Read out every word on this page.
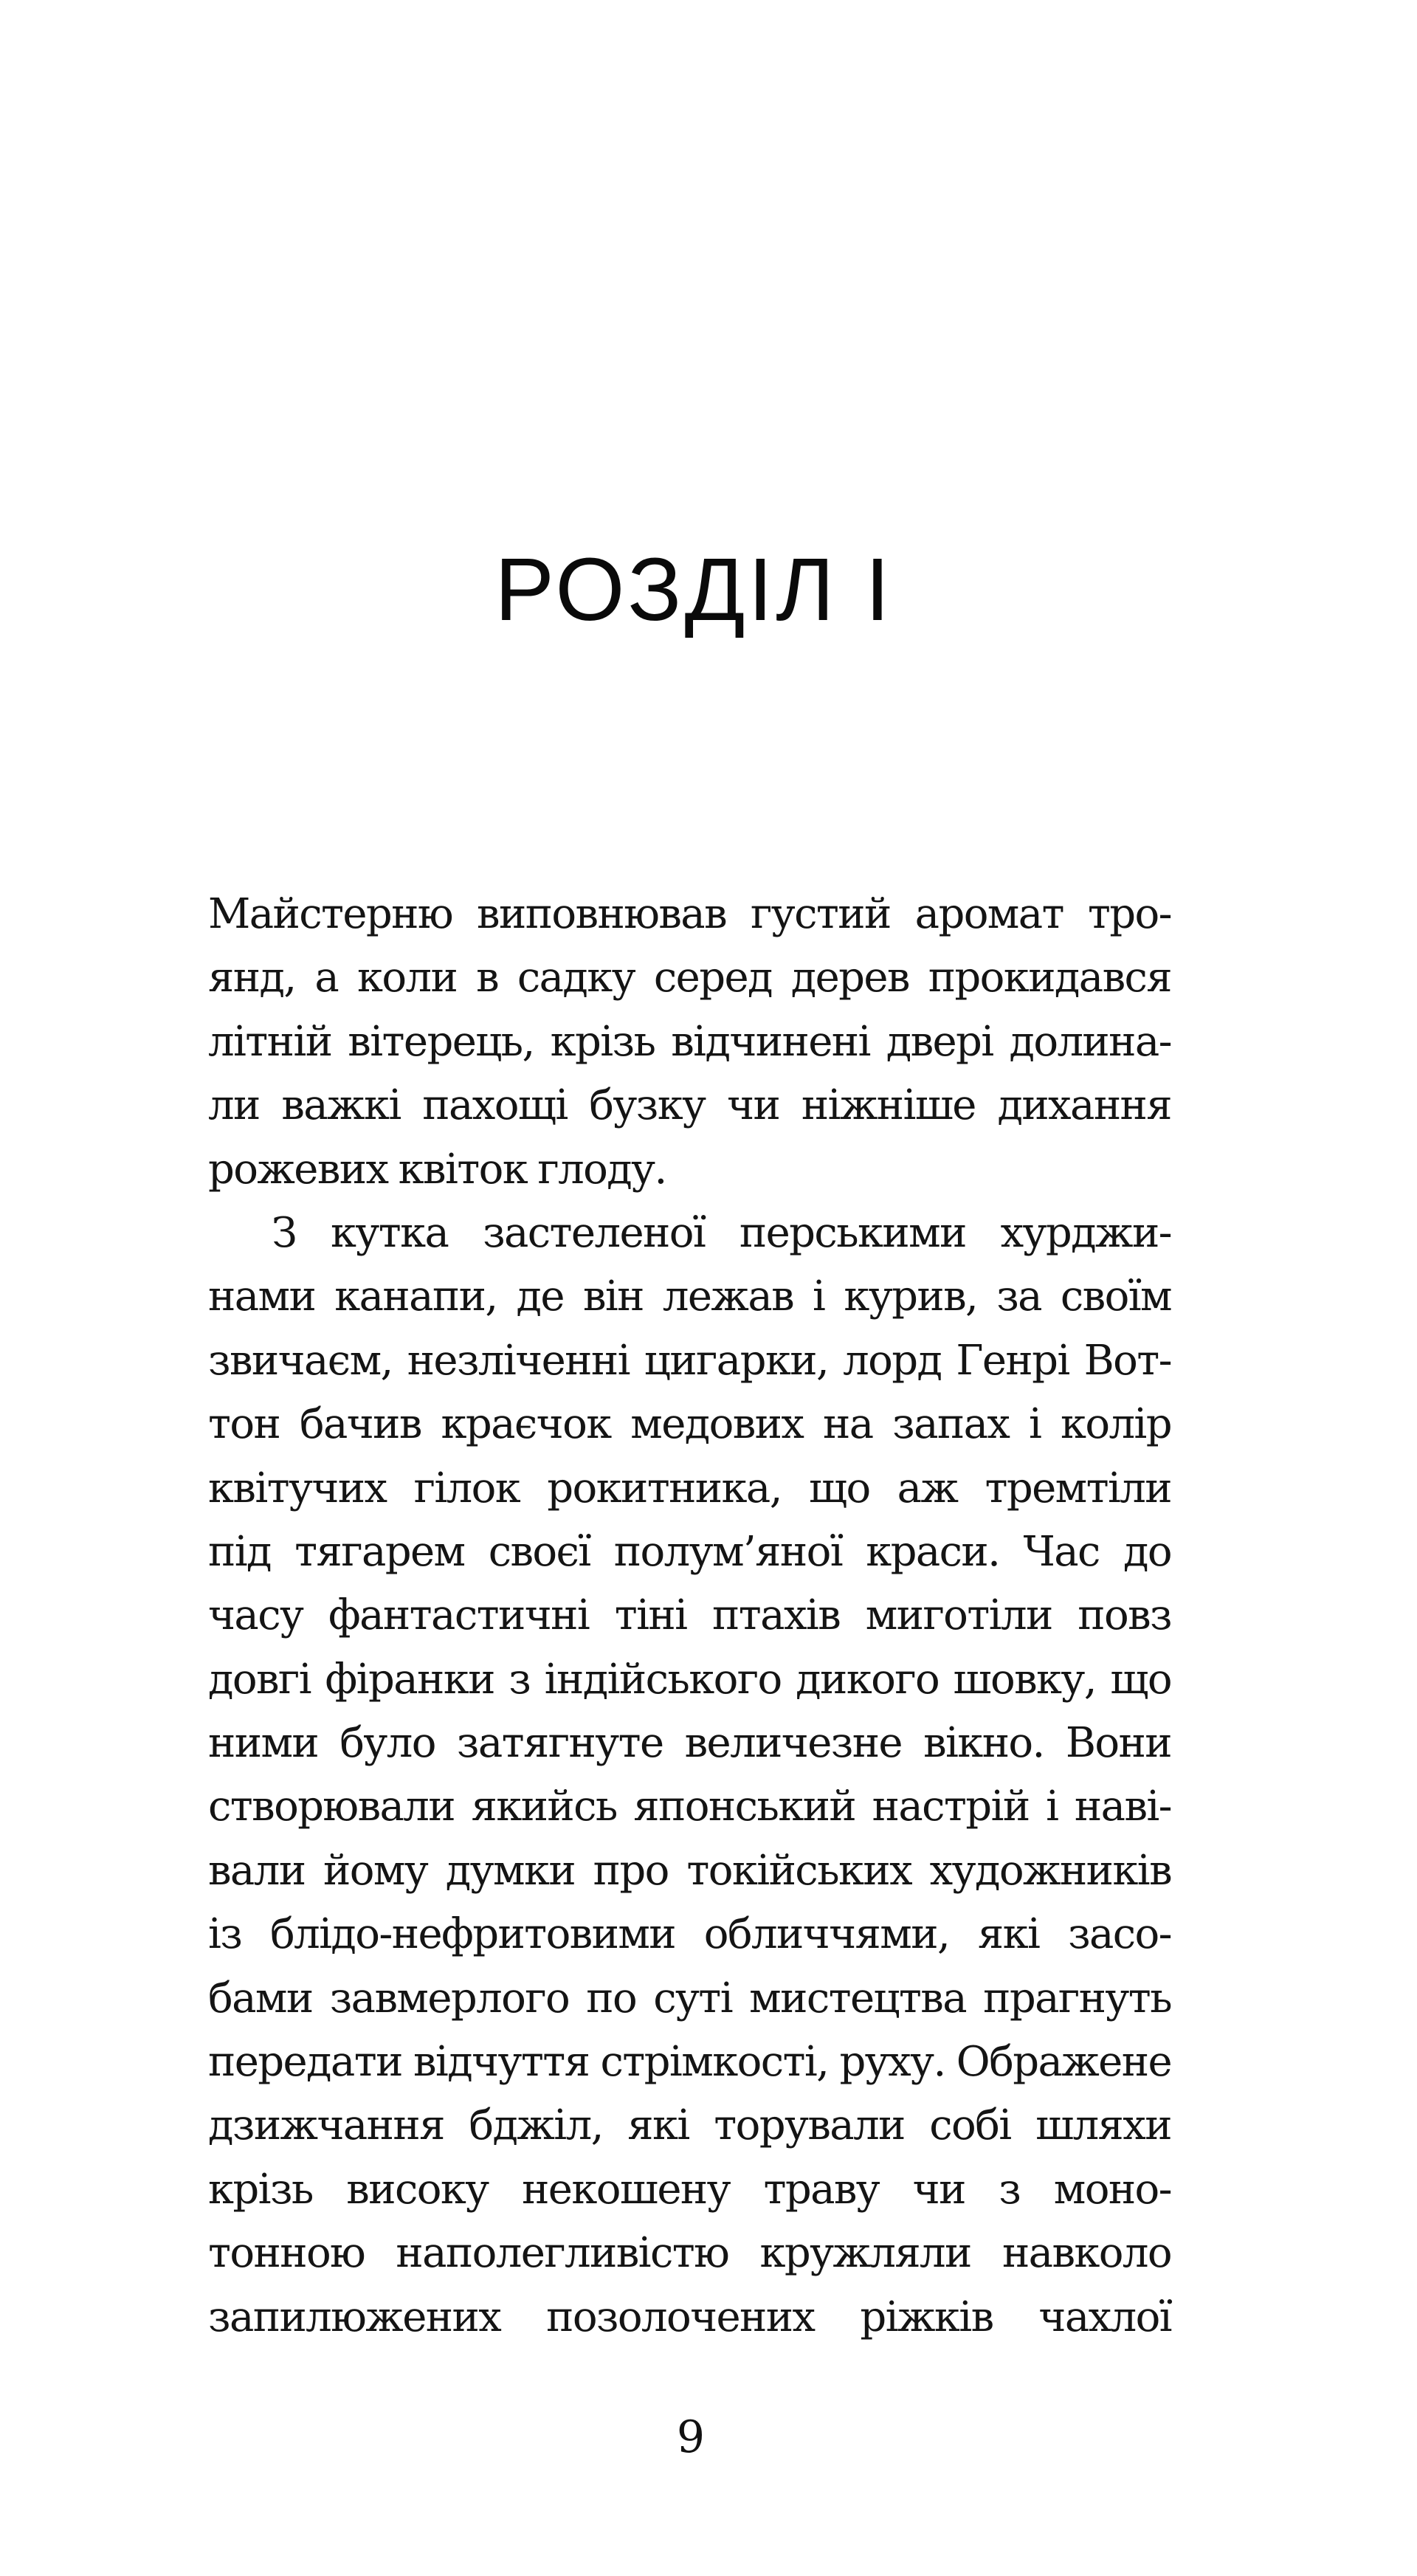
РОЗДІЛ І
Майстерню виповнював густий аромат тро-
янд, а коли в садку серед дерев прокидався
літній вітерець, крізь відчинені двері долина-
ли важкі пахощі бузку чи ніжніше дихання
рожевих квіток глоду.
З кутка застеленої перськими хурджи-
нами канапи, де він лежав і курив, за своїм
звичаєм, незліченні цигарки, лорд Генрі Вот-
тон бачив краєчок медових на запах і колір
квітучих гілок рокитника, що аж тремтіли
під тягарем своєї полум’яної краси. Час до
часу фантастичні тіні птахів миготіли повз
довгі фіранки з індійського дикого шовку, що
ними було затягнуте величезне вікно. Вони
створювали якийсь японський настрій і наві-
вали йому думки про токійських художників
із блідо-нефритовими обличчями, які засо-
бами завмерлого по суті мистецтва прагнуть
передати відчуття стрімкості, руху. Ображене
дзижчання бджіл, які торували собі шляхи
крізь високу некошену траву чи з моно-
тонною наполегливістю кружляли навколо
запилюжених позолочених ріжків чахлої
9
